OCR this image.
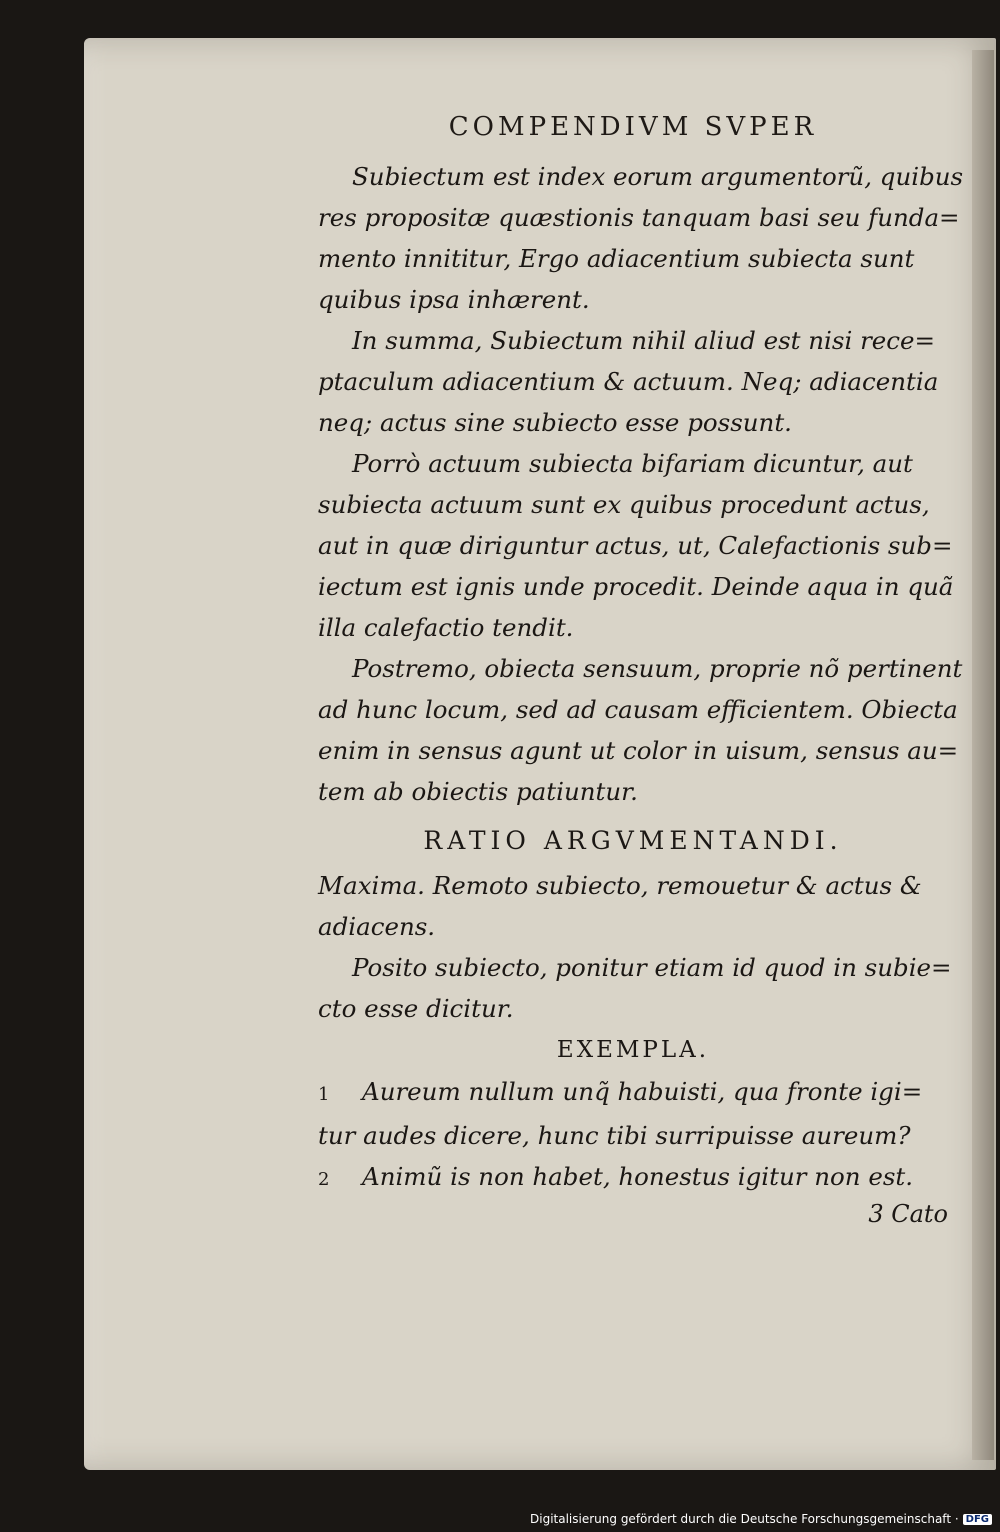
COMPENDIVM SVPER

Subiectum est index eorum argumentorũ, quibus
res propositæ quæstionis tanquam basi seu funda=
mento innititur, Ergo adiacentium subiecta sunt
quibus ipsa inhærent.

In summa, Subiectum nihil aliud est nisi rece=
ptaculum adiacentium & actuum. Neq; adiacentia
neq; actus sine subiecto esse possunt.

Porrò actuum subiecta bifariam dicuntur, aut
subiecta actuum sunt ex quibus procedunt actus,
aut in quæ diriguntur actus, ut, Calefactionis sub=
iectum est ignis unde procedit. Deinde aqua in quã
illa calefactio tendit.

Postremo, obiecta sensuum, proprie nõ pertinent
ad hunc locum, sed ad causam efficientem. Obiecta
enim in sensus agunt ut color in uisum, sensus au=
tem ab obiectis patiuntur.

RATIO ARGVMENTANDI.

Maxima. Remoto subiecto, remouetur & actus &
adiacens.

Posito subiecto, ponitur etiam id quod in subie=
cto esse dicitur.

EXEMPLA.

1 Aureum nullum unq̃ habuisti, qua fronte igi=
tur audes dicere, hunc tibi surripuisse aureum?

2 Animũ is non habet, honestus igitur non est.

3 Cato
Digitalisierung gefördert durch die Deutsche Forschungsgemeinschaft · DFG
